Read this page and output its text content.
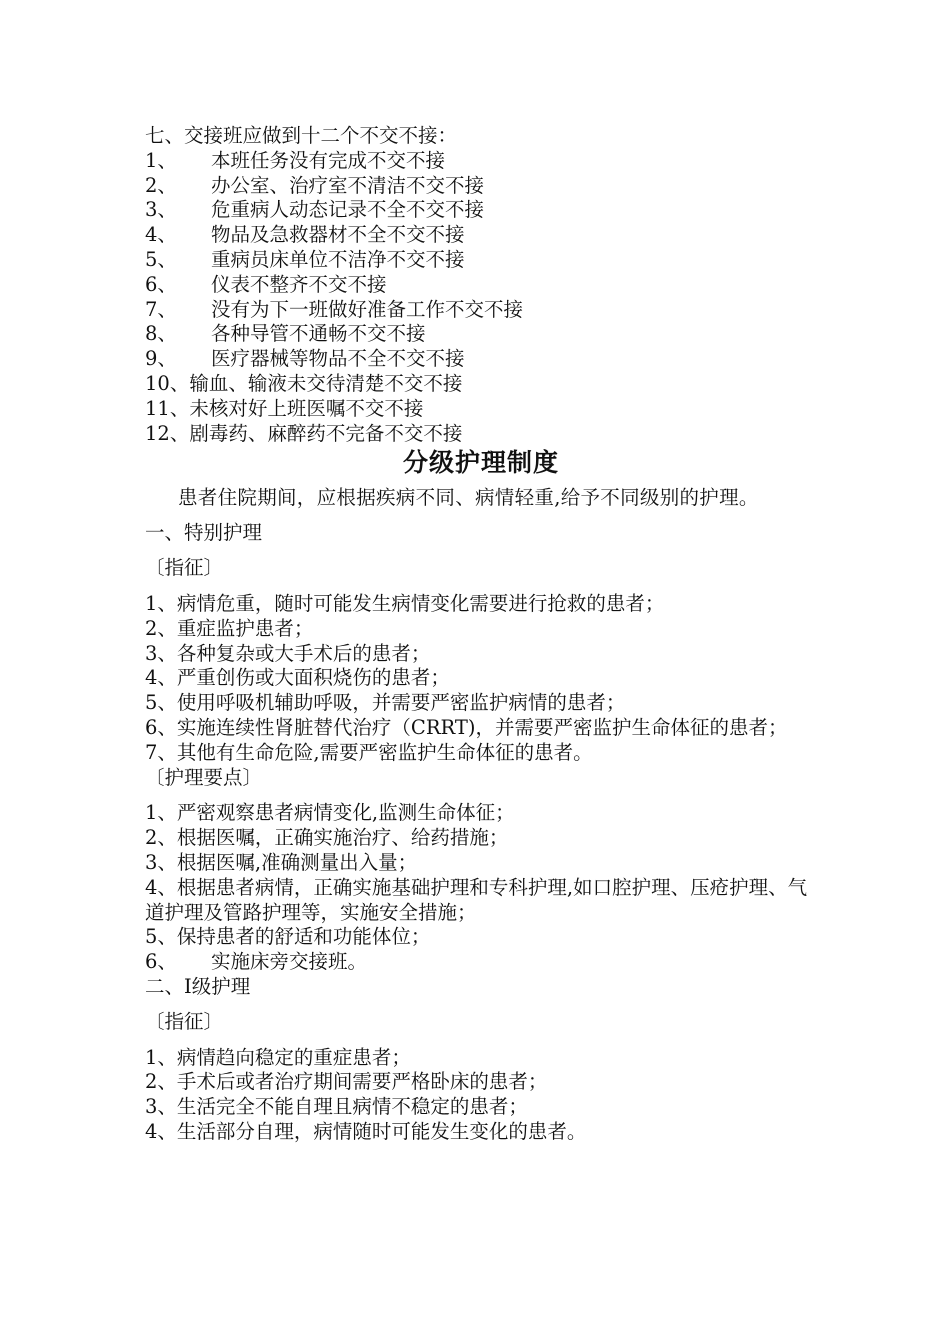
七、交接班应做到十二个不交不接：
1、 本班任务没有完成不交不接
2、 办公室、治疗室不清洁不交不接
3、 危重病人动态记录不全不交不接
4、 物品及急救器材不全不交不接
5、 重病员床单位不洁净不交不接
6、 仪表不整齐不交不接
7、 没有为下一班做好准备工作不交不接
8、 各种导管不通畅不交不接
9、 医疗器械等物品不全不交不接
10、输血、输液未交待清楚不交不接
11、未核对好上班医嘱不交不接
12、剧毒药、麻醉药不完备不交不接
分级护理制度

患者住院期间，应根据疾病不同、病情轻重,给予不同级别的护理。

一、特别护理
〔指征〕
1、病情危重，随时可能发生病情变化需要进行抢救的患者；
2、重症监护患者；
3、各种复杂或大手术后的患者；
4、严重创伤或大面积烧伤的患者；
5、使用呼吸机辅助呼吸，并需要严密监护病情的患者；
6、实施连续性肾脏替代治疗（CRRT)，并需要严密监护生命体征的患者；
7、其他有生命危险,需要严密监护生命体征的患者。
〔护理要点〕
1、严密观察患者病情变化,监测生命体征；
2、根据医嘱，正确实施治疗、给药措施；
3、根据医嘱,准确测量出入量；
4、根据患者病情，正确实施基础护理和专科护理,如口腔护理、压疮护理、气道护理及管路护理等，实施安全措施；
5、保持患者的舒适和功能体位；
6、 实施床旁交接班。
二、I级护理
〔指征〕
1、病情趋向稳定的重症患者；
2、手术后或者治疗期间需要严格卧床的患者；
3、生活完全不能自理且病情不稳定的患者；
4、生活部分自理，病情随时可能发生变化的患者。
